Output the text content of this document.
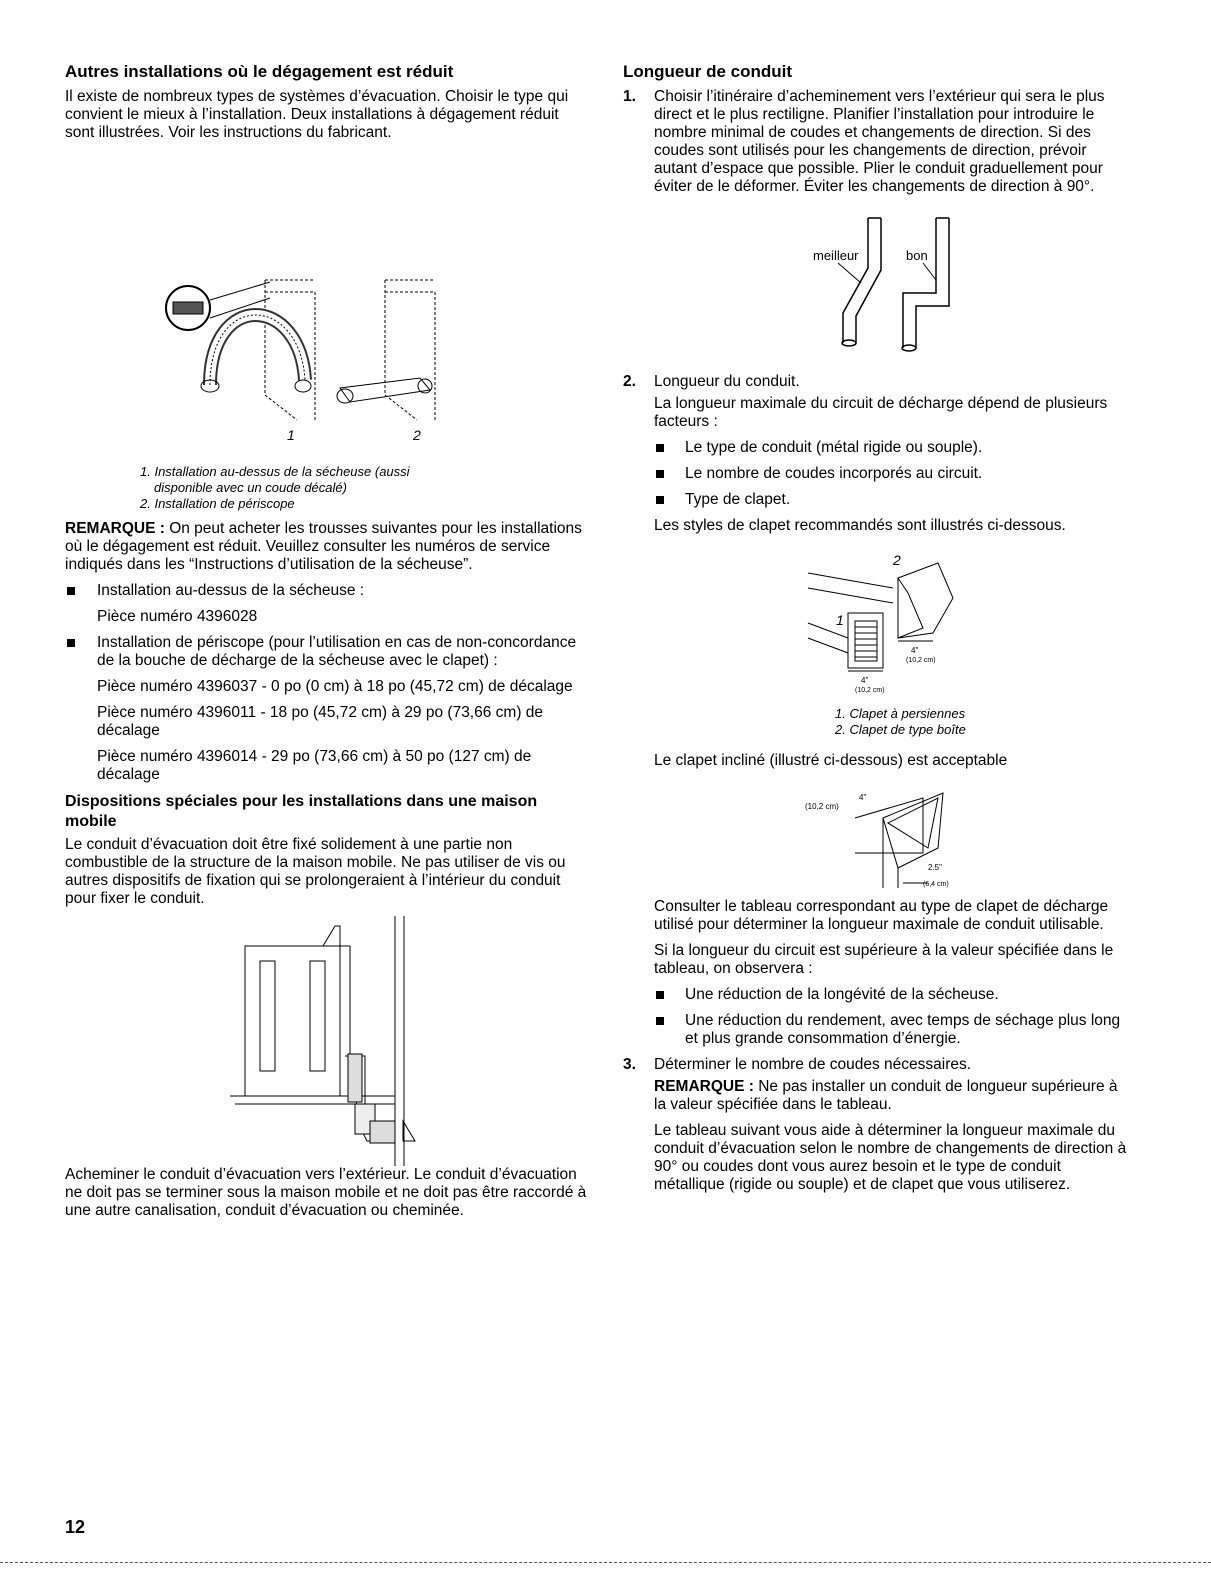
Autres installations où le dégagement est réduit

Il existe de nombreux types de systèmes d’évacuation. Choisir le type qui convient le mieux à l’installation. Deux installations à dégagement réduit sont illustrées. Voir les instructions du fabricant.

1	2
1. Installation au-dessus de la sécheuse (aussi
disponible avec un coude décalé)
2. Installation de périscope

REMARQUE : On peut acheter les trousses suivantes pour les installations où le dégagement est réduit. Veuillez consulter les numéros de service indiqués dans les “Instructions d’utilisation de la sécheuse”.

Installation au-dessus de la sécheuse :

Pièce numéro 4396028

Installation de périscope (pour l’utilisation en cas de non-concordance de la bouche de décharge de la sécheuse avec le clapet) :

Pièce numéro 4396037 - 0 po (0 cm) à 18 po (45,72 cm) de décalage

Pièce numéro 4396011 - 18 po (45,72 cm) à 29 po (73,66 cm) de décalage

Pièce numéro 4396014 - 29 po (73,66 cm) à 50 po (127 cm) de décalage

Dispositions spéciales pour les installations dans une maison mobile

Le conduit d’évacuation doit être fixé solidement à une partie non combustible de la structure de la maison mobile. Ne pas utiliser de vis ou autres dispositifs de fixation qui se prolongeraient à l’intérieur du conduit pour fixer le conduit.

Acheminer le conduit d’évacuation vers l’extérieur. Le conduit d’évacuation ne doit pas se terminer sous la maison mobile et ne doit pas être raccordé à une autre canalisation, conduit d’évacuation ou cheminée.

Longueur de conduit
1. Choisir l’itinéraire d’acheminement vers l’extérieur qui sera le plus direct et le plus rectiligne. Planifier l’installation pour introduire le nombre minimal de coudes et changements de direction. Si des coudes sont utilisés pour les changements de direction, prévoir autant d’espace que possible. Plier le conduit graduellement pour éviter de le déformer. Éviter les changements de direction à 90°.
meilleur	bon
2. Longueur du conduit.

La longueur maximale du circuit de décharge dépend de plusieurs facteurs :

Le type de conduit (métal rigide ou souple).
Le nombre de coudes incorporés au circuit.
Type de clapet.

Les styles de clapet recommandés sont illustrés ci-dessous.

1
2
4"
(10,2 cm)
4"
(10,2 cm)
1. Clapet à persiennes
2. Clapet de type boîte

Le clapet incliné (illustré ci-dessous) est acceptable

4"
(10,2 cm)
2.5"
(6,4 cm)

Consulter le tableau correspondant au type de clapet de décharge utilisé pour déterminer la longueur maximale de conduit utilisable.

Si la longueur du circuit est supérieure à la valeur spécifiée dans le tableau, on observera :

Une réduction de la longévité de la sécheuse.
Une réduction du rendement, avec temps de séchage plus long et plus grande consommation d’énergie.
3. Déterminer le nombre de coudes nécessaires.

REMARQUE : Ne pas installer un conduit de longueur supérieure à la valeur spécifiée dans le tableau.

Le tableau suivant vous aide à déterminer la longueur maximale du conduit d’évacuation selon le nombre de changements de direction à 90° ou coudes dont vous aurez besoin et le type de conduit métallique (rigide ou souple) et de clapet que vous utiliserez.

12
